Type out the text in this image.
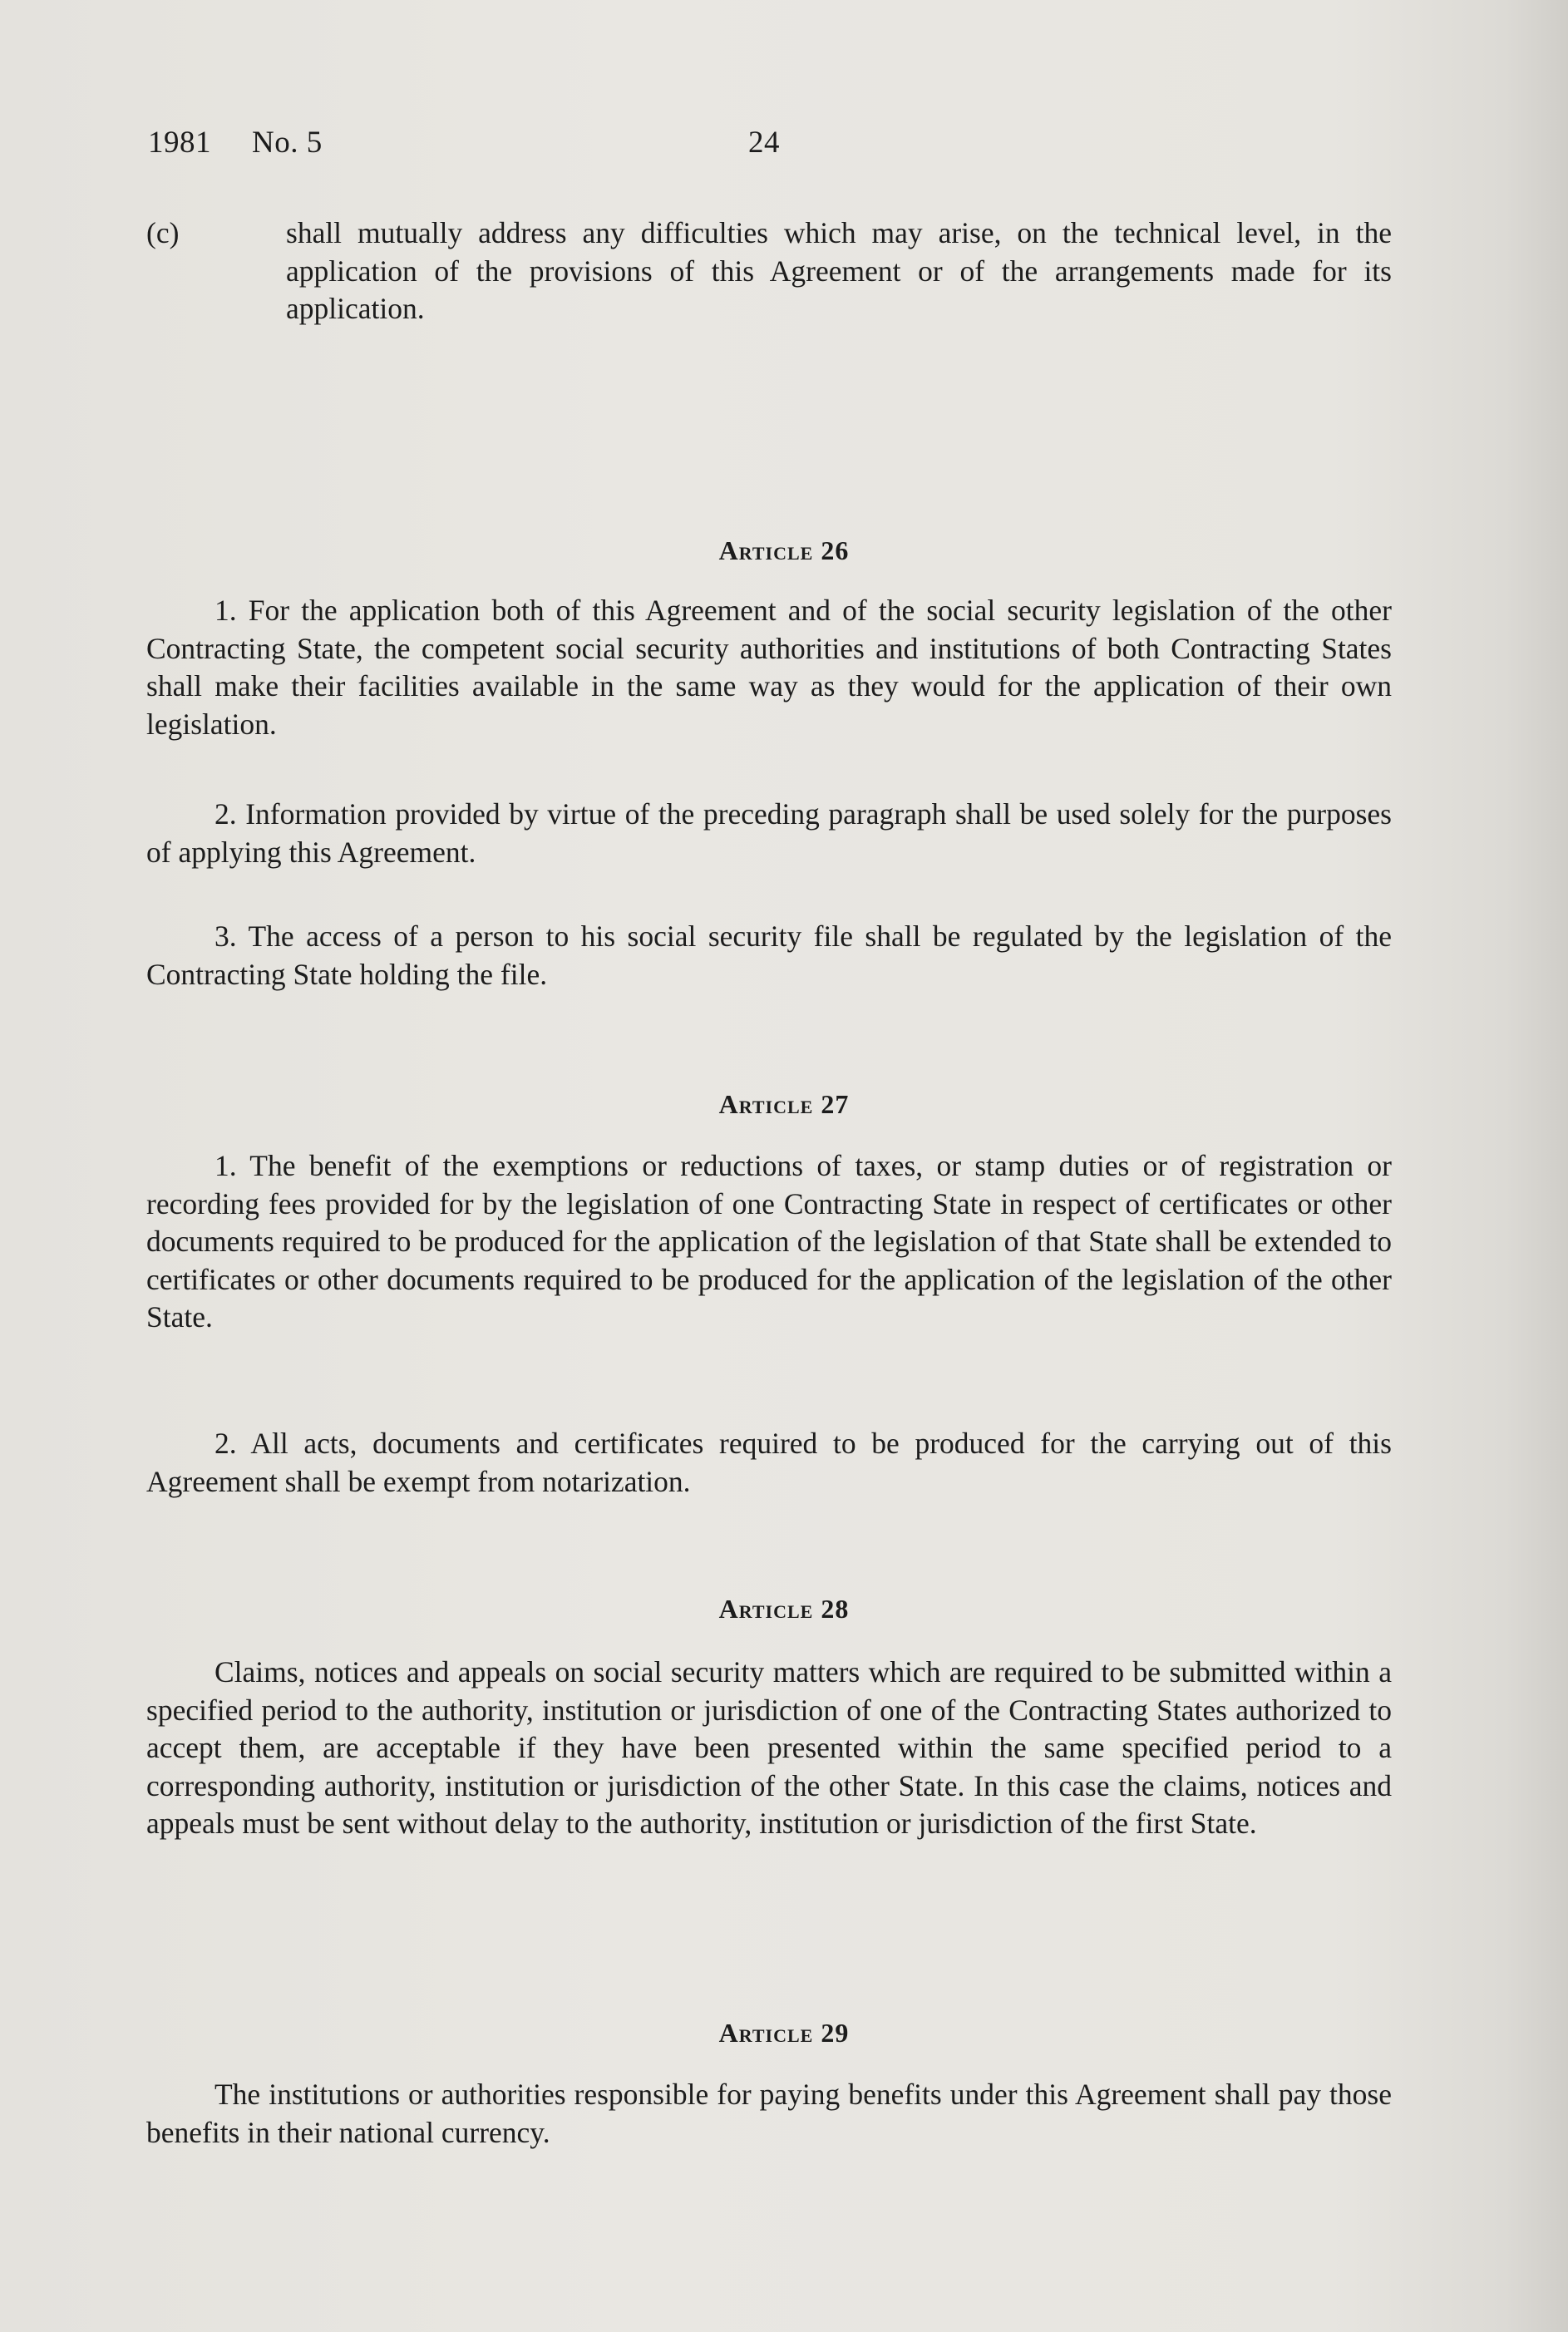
1981 No. 5	24
(c)	shall mutually address any difficulties which may arise, on the technical level, in the application of the provisions of this Agreement or of the arrangements made for its application.
Article 26

1. For the application both of this Agreement and of the social security legislation of the other Contracting State, the competent social security authorities and institutions of both Contracting States shall make their facilities available in the same way as they would for the application of their own legislation.

2. Information provided by virtue of the preceding paragraph shall be used solely for the purposes of applying this Agreement.

3. The access of a person to his social security file shall be regulated by the legislation of the Contracting State holding the file.

Article 27

1. The benefit of the exemptions or reductions of taxes, or stamp duties or of registration or recording fees provided for by the legislation of one Contracting State in respect of certificates or other documents required to be produced for the application of the legislation of that State shall be extended to certificates or other documents required to be produced for the application of the legislation of the other State.

2. All acts, documents and certificates required to be produced for the carrying out of this Agreement shall be exempt from notarization.

Article 28

Claims, notices and appeals on social security matters which are required to be submitted within a specified period to the authority, institution or jurisdiction of one of the Contracting States authorized to accept them, are acceptable if they have been presented within the same specified period to a corresponding authority, institution or jurisdiction of the other State. In this case the claims, notices and appeals must be sent without delay to the authority, institution or jurisdiction of the first State.

Article 29

The institutions or authorities responsible for paying benefits under this Agreement shall pay those benefits in their national currency.
